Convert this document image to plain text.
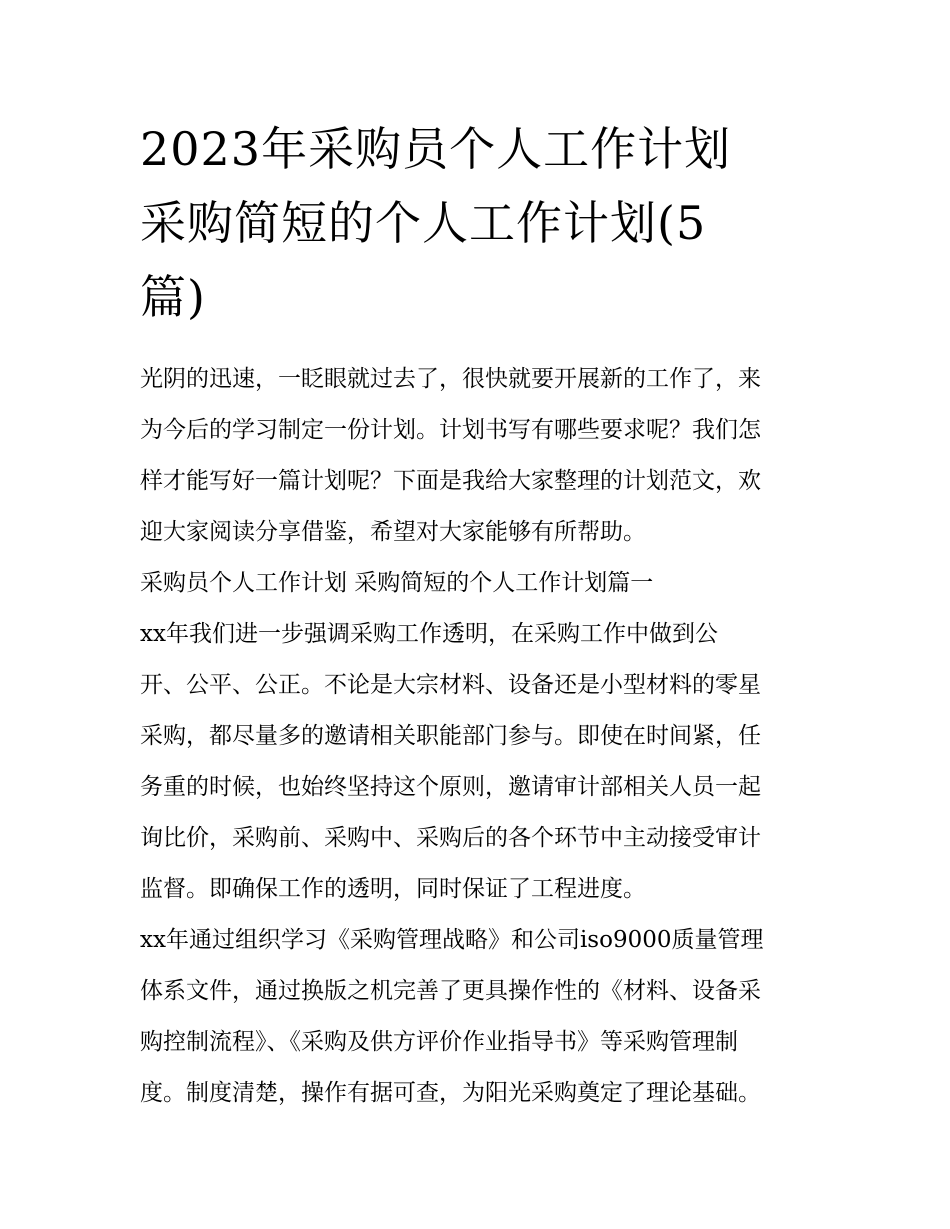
2023年采购员个人工作计划
采购简短的个人工作计划(5
篇)
光阴的迅速，一眨眼就过去了，很快就要开展新的工作了，来
为今后的学习制定一份计划。计划书写有哪些要求呢？我们怎
样才能写好一篇计划呢？下面是我给大家整理的计划范文，欢
迎大家阅读分享借鉴，希望对大家能够有所帮助。
采购员个人工作计划 采购简短的个人工作计划篇一
xx年我们进一步强调采购工作透明，在采购工作中做到公
开、公平、公正。不论是大宗材料、设备还是小型材料的零星
采购，都尽量多的邀请相关职能部门参与。即使在时间紧，任
务重的时候，也始终坚持这个原则，邀请审计部相关人员一起
询比价，采购前、采购中、采购后的各个环节中主动接受审计
监督。即确保工作的透明，同时保证了工程进度。
xx年通过组织学习《采购管理战略》和公司iso9000质量管理
体系文件，通过换版之机完善了更具操作性的《材料、设备采
购控制流程》、《采购及供方评价作业指导书》等采购管理制
度。制度清楚，操作有据可查，为阳光采购奠定了理论基础。
